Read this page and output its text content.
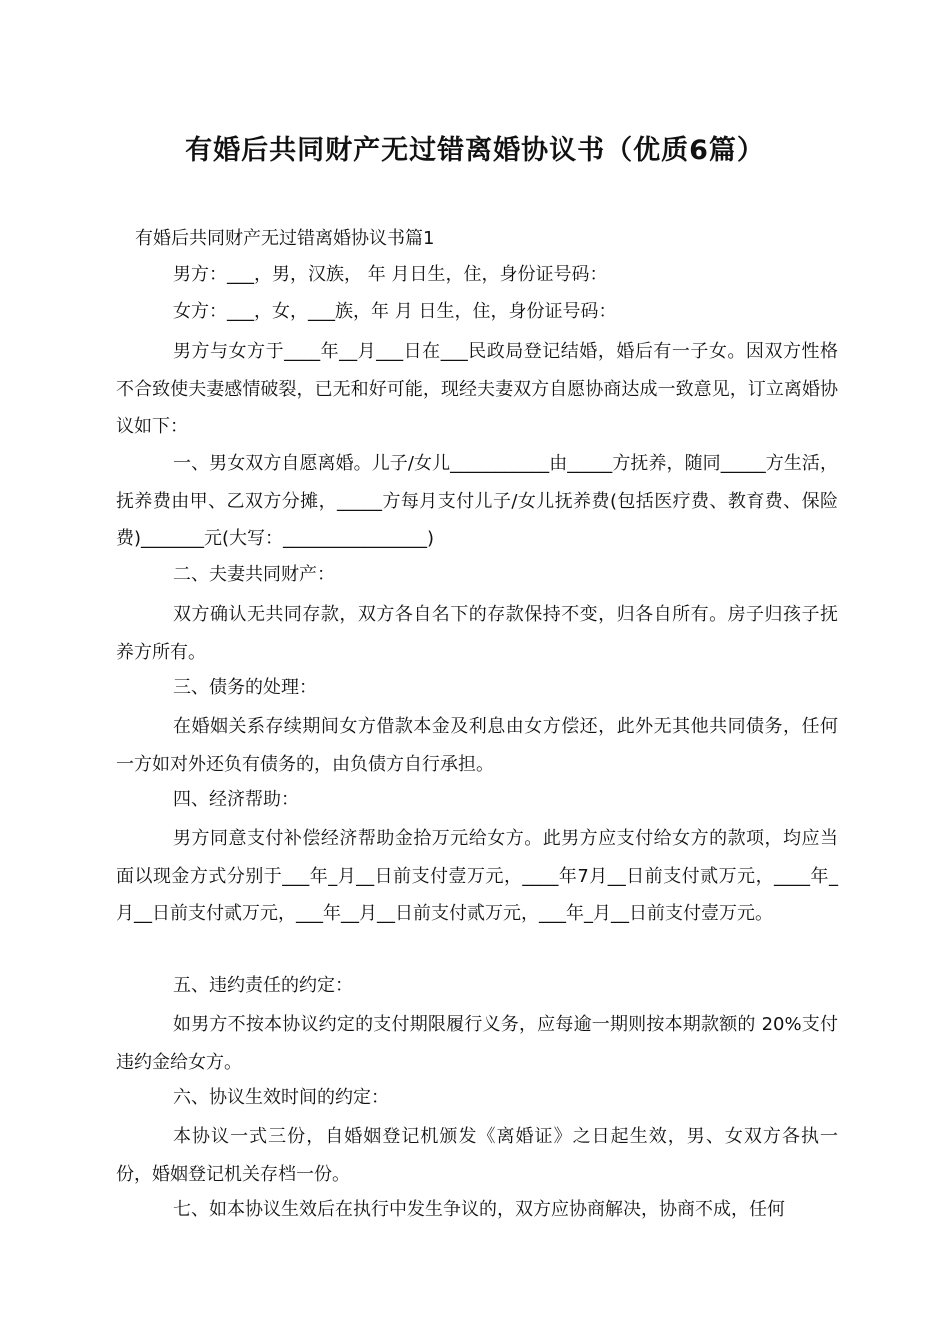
有婚后共同财产无过错离婚协议书（优质6篇）
有婚后共同财产无过错离婚协议书篇1
男方：___，男，汉族， 年 月日生，住，身份证号码：
女方：___，女，___族，年 月 日生，住，身份证号码：
男方与女方于____年__月___日在___民政局登记结婚，婚后有一子女。因双方性格不合致使夫妻感情破裂，已无和好可能，现经夫妻双方自愿协商达成一致意见，订立离婚协议如下：
一、男女双方自愿离婚。儿子/女儿___________由_____方抚养，随同_____方生活，抚养费由甲、乙双方分摊，_____方每月支付儿子/女儿抚养费(包括医疗费、教育费、保险费)_______元(大写：________________)
二、夫妻共同财产：
双方确认无共同存款，双方各自名下的存款保持不变，归各自所有。房子归孩子抚养方所有。
三、债务的处理：
在婚姻关系存续期间女方借款本金及利息由女方偿还，此外无其他共同债务，任何一方如对外还负有债务的，由负债方自行承担。
四、经济帮助：
男方同意支付补偿经济帮助金拾万元给女方。此男方应支付给女方的款项，均应当面以现金方式分别于___年_月__日前支付壹万元，____年7月__日前支付贰万元，____年_月__日前支付贰万元，___年__月__日前支付贰万元，___年_月__日前支付壹万元。
五、违约责任的约定：
如男方不按本协议约定的支付期限履行义务，应每逾一期则按本期款额的 20%支付违约金给女方。
六、协议生效时间的约定：
本协议一式三份，自婚姻登记机颁发《离婚证》之日起生效，男、女双方各执一份，婚姻登记机关存档一份。
七、如本协议生效后在执行中发生争议的，双方应协商解决，协商不成，任何
